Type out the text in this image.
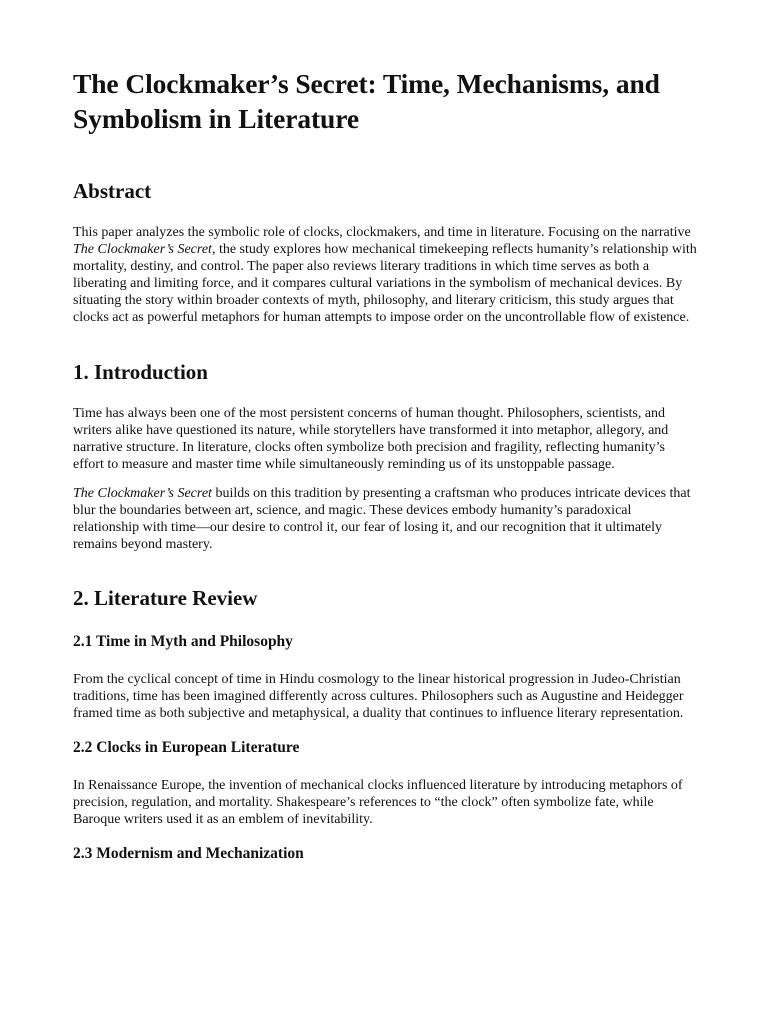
The Clockmaker’s Secret: Time, Mechanisms, and Symbolism in Literature
Abstract

This paper analyzes the symbolic role of clocks, clockmakers, and time in literature. Focusing on the narrative The Clockmaker’s Secret, the study explores how mechanical timekeeping reflects humanity’s relationship with mortality, destiny, and control. The paper also reviews literary traditions in which time serves as both a liberating and limiting force, and it compares cultural variations in the symbolism of mechanical devices. By situating the story within broader contexts of myth, philosophy, and literary criticism, this study argues that clocks act as powerful metaphors for human attempts to impose order on the uncontrollable flow of existence.

1. Introduction

Time has always been one of the most persistent concerns of human thought. Philosophers, scientists, and writers alike have questioned its nature, while storytellers have transformed it into metaphor, allegory, and narrative structure. In literature, clocks often symbolize both precision and fragility, reflecting humanity’s effort to measure and master time while simultaneously reminding us of its unstoppable passage.

The Clockmaker’s Secret builds on this tradition by presenting a craftsman who produces intricate devices that blur the boundaries between art, science, and magic. These devices embody humanity’s paradoxical relationship with time—our desire to control it, our fear of losing it, and our recognition that it ultimately remains beyond mastery.

2. Literature Review
2.1 Time in Myth and Philosophy

From the cyclical concept of time in Hindu cosmology to the linear historical progression in Judeo-Christian traditions, time has been imagined differently across cultures. Philosophers such as Augustine and Heidegger framed time as both subjective and metaphysical, a duality that continues to influence literary representation.

2.2 Clocks in European Literature

In Renaissance Europe, the invention of mechanical clocks influenced literature by introducing metaphors of precision, regulation, and mortality. Shakespeare’s references to “the clock” often symbolize fate, while Baroque writers used it as an emblem of inevitability.

2.3 Modernism and Mechanization
